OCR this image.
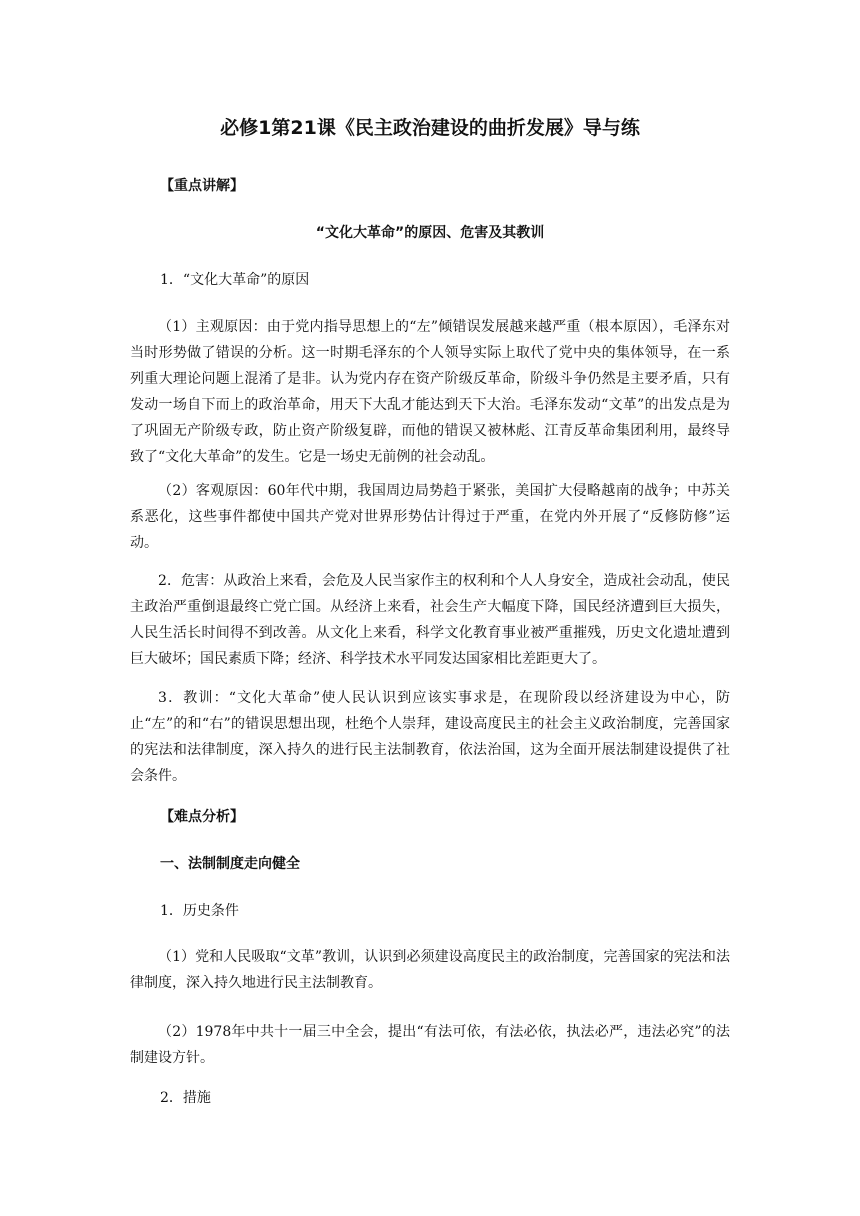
必修1第21课《民主政治建设的曲折发展》导与练
【重点讲解】
“文化大革命”的原因、危害及其教训
1．“文化大革命”的原因
（1）主观原因：由于党内指导思想上的“左”倾错误发展越来越严重（根本原因），毛泽东对当时形势做了错误的分析。这一时期毛泽东的个人领导实际上取代了党中央的集体领导，在一系列重大理论问题上混淆了是非。认为党内存在资产阶级反革命，阶级斗争仍然是主要矛盾，只有发动一场自下而上的政治革命，用天下大乱才能达到天下大治。毛泽东发动“文革”的出发点是为了巩固无产阶级专政，防止资产阶级复辟，而他的错误又被林彪、江青反革命集团利用，最终导致了“文化大革命”的发生。它是一场史无前例的社会动乱。
（2）客观原因：60年代中期，我国周边局势趋于紧张，美国扩大侵略越南的战争；中苏关系恶化，这些事件都使中国共产党对世界形势估计得过于严重，在党内外开展了“反修防修”运动。
2．危害：从政治上来看，会危及人民当家作主的权利和个人人身安全，造成社会动乱，使民主政治严重倒退最终亡党亡国。从经济上来看，社会生产大幅度下降，国民经济遭到巨大损失，人民生活长时间得不到改善。从文化上来看，科学文化教育事业被严重摧残，历史文化遗址遭到巨大破坏；国民素质下降；经济、科学技术水平同发达国家相比差距更大了。
3．教训：“文化大革命”使人民认识到应该实事求是，在现阶段以经济建设为中心，防止“左”的和“右”的错误思想出现，杜绝个人崇拜，建设高度民主的社会主义政治制度，完善国家的宪法和法律制度，深入持久的进行民主法制教育，依法治国，这为全面开展法制建设提供了社会条件。
【难点分析】
一、法制制度走向健全
1．历史条件
（1）党和人民吸取“文革”教训，认识到必须建设高度民主的政治制度，完善国家的宪法和法律制度，深入持久地进行民主法制教育。
（2）1978年中共十一届三中全会，提出“有法可依，有法必依，执法必严，违法必究”的法制建设方针。
2．措施
